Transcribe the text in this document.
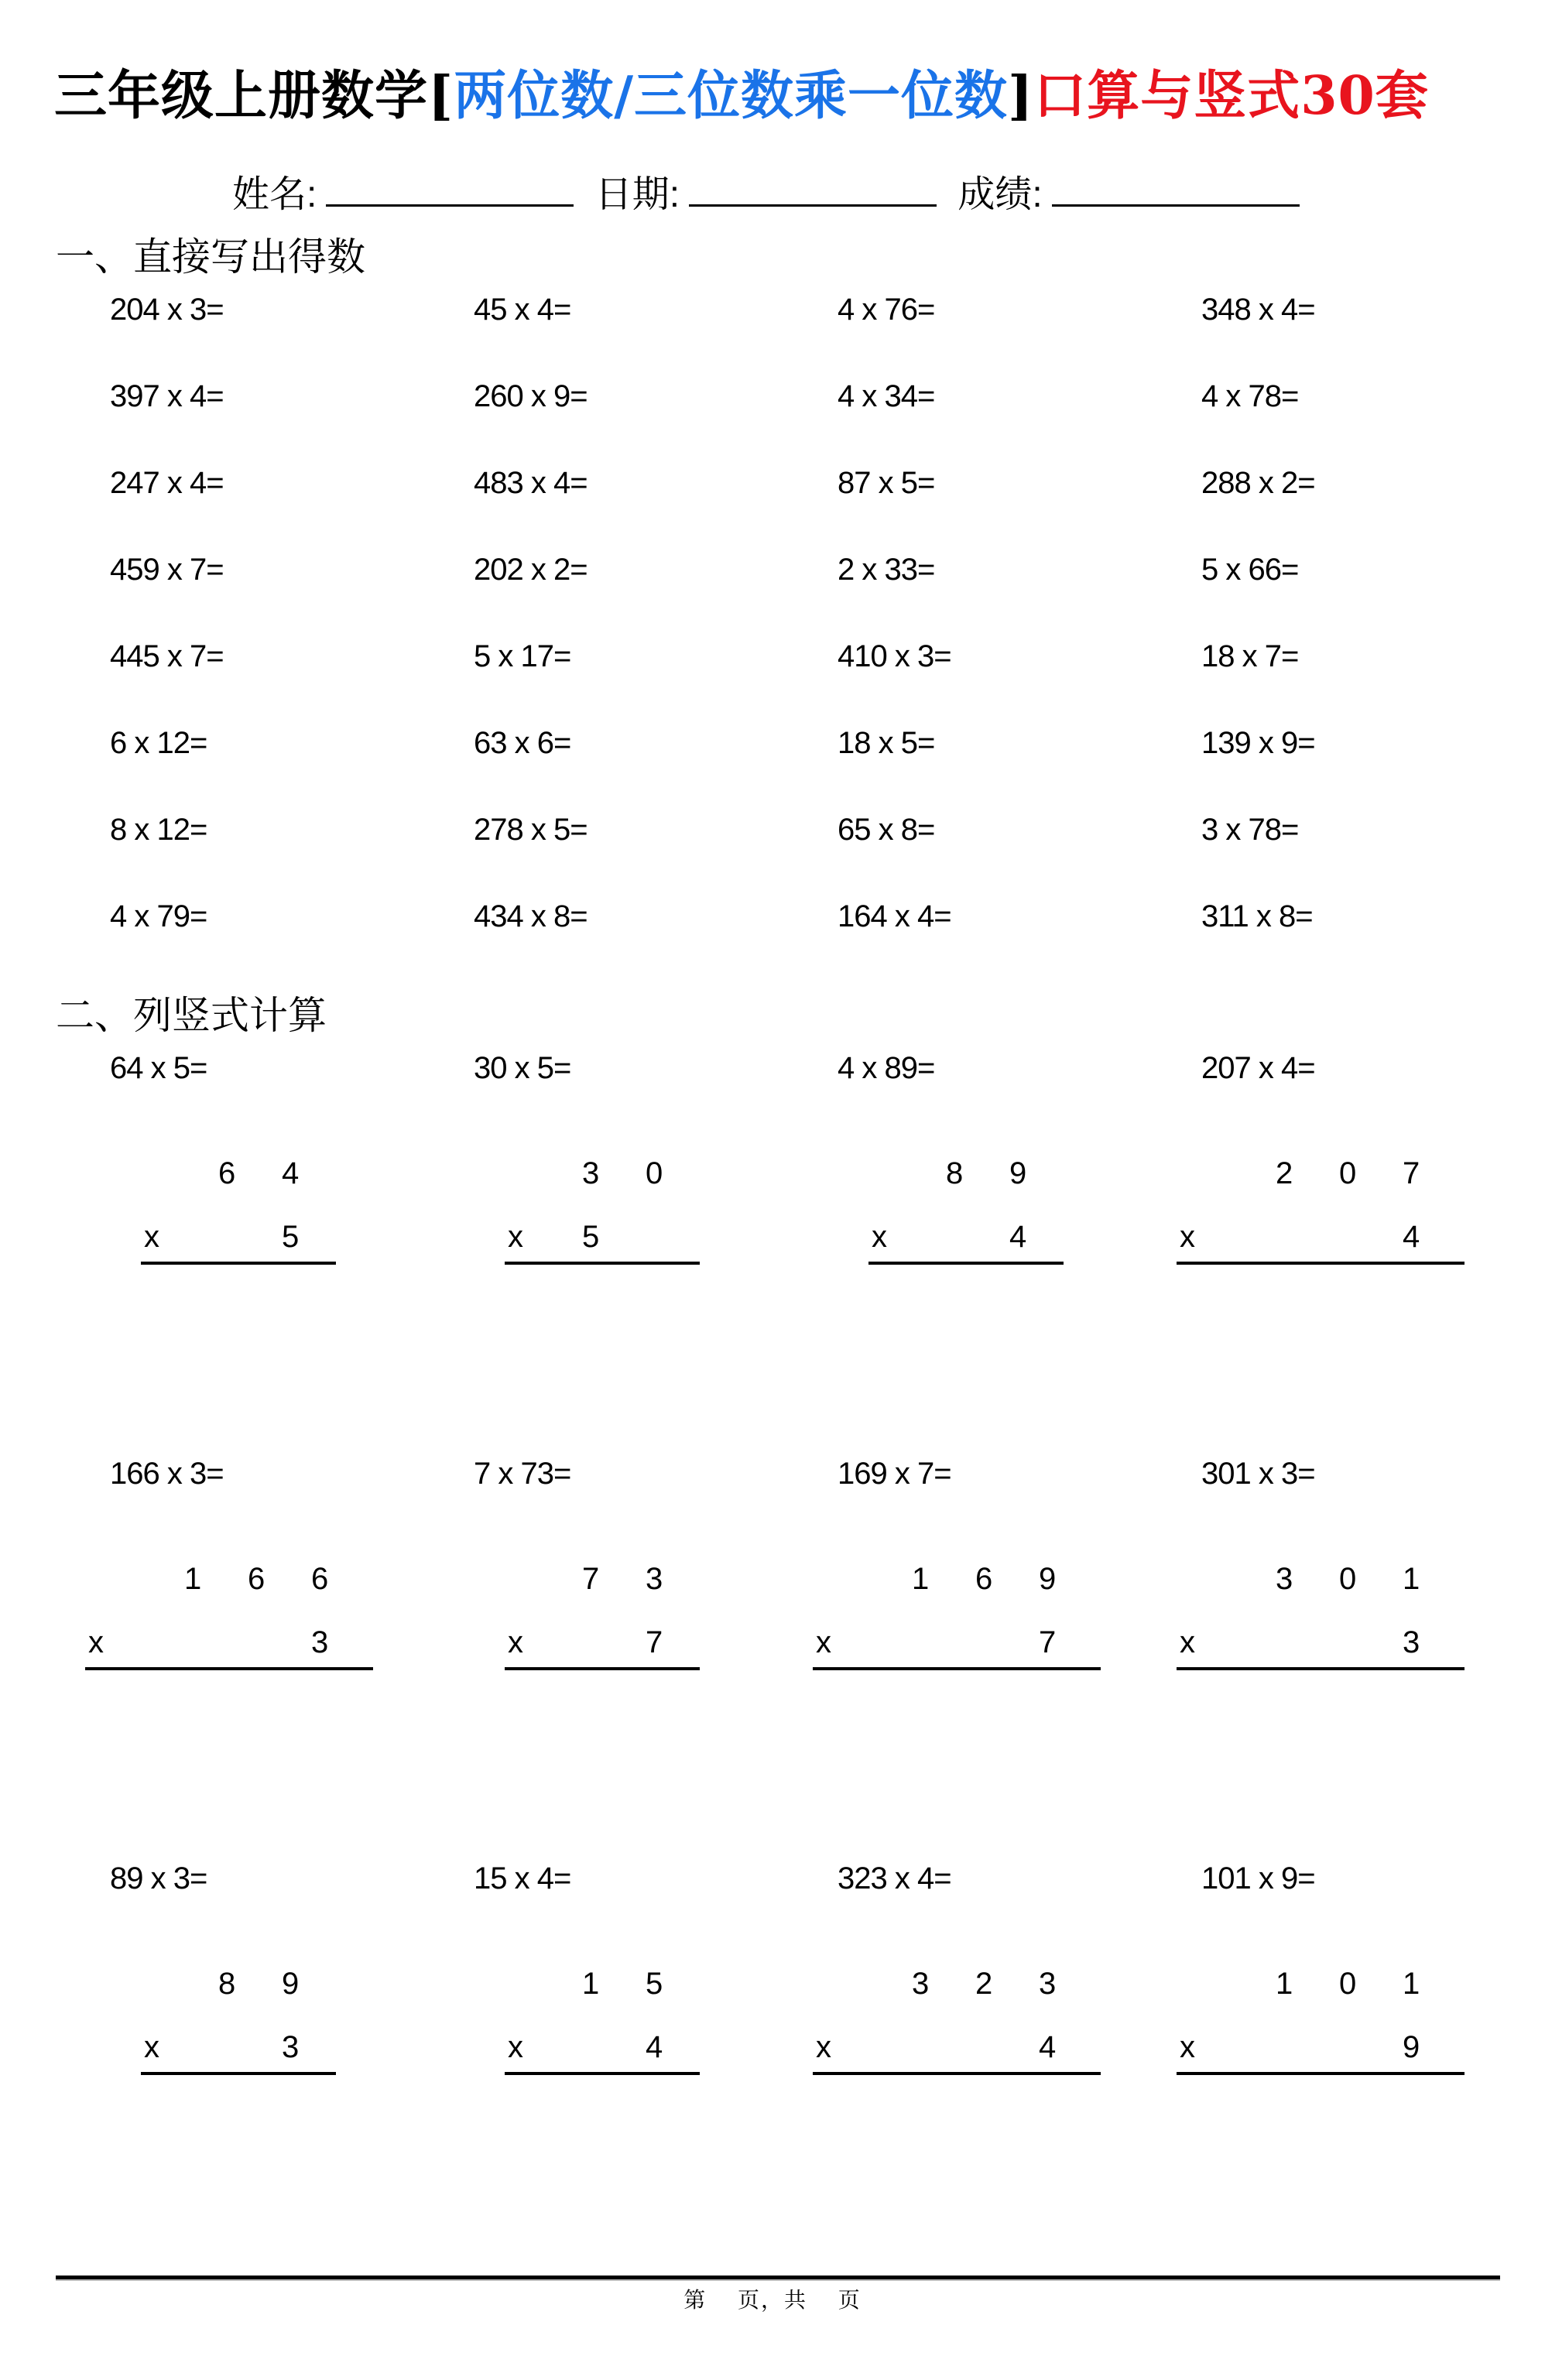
三年级上册数学[两位数/三位数乘一位数]口算与竖式30套
姓名:	日期:	成绩:
一、直接写出得数
204 x 3=	45 x 4=	4 x 76=	348 x 4=
397 x 4=	260 x 9=	4 x 34=	4 x 78=
247 x 4=	483 x 4=	87 x 5=	288 x 2=
459 x 7=	202 x 2=	2 x 33=	5 x 66=
445 x 7=	5 x 17=	410 x 3=	18 x 7=
6 x 12=	63 x 6=	18 x 5=	139 x 9=
8 x 12=	278 x 5=	65 x 8=	3 x 78=
4 x 79=	434 x 8=	164 x 4=	311 x 8=
二、列竖式计算
64 x 5=
6 4
x	5
30 x 5=
3 0
x 5
4 x 89=
8 9
x	4
207 x 4=
2 0 7
x	4
166 x 3=
1 6 6
x	3
7 x 73=
7 3
x	7
169 x 7=
1 6 9
x	7
301 x 3=
3 0 1
x	3
89 x 3=
8 9
x	3
15 x 4=
1 5
x	4
323 x 4=
3 2 3
x	4
101 x 9=
1 0 1
x	9
第　 页，共　 页
